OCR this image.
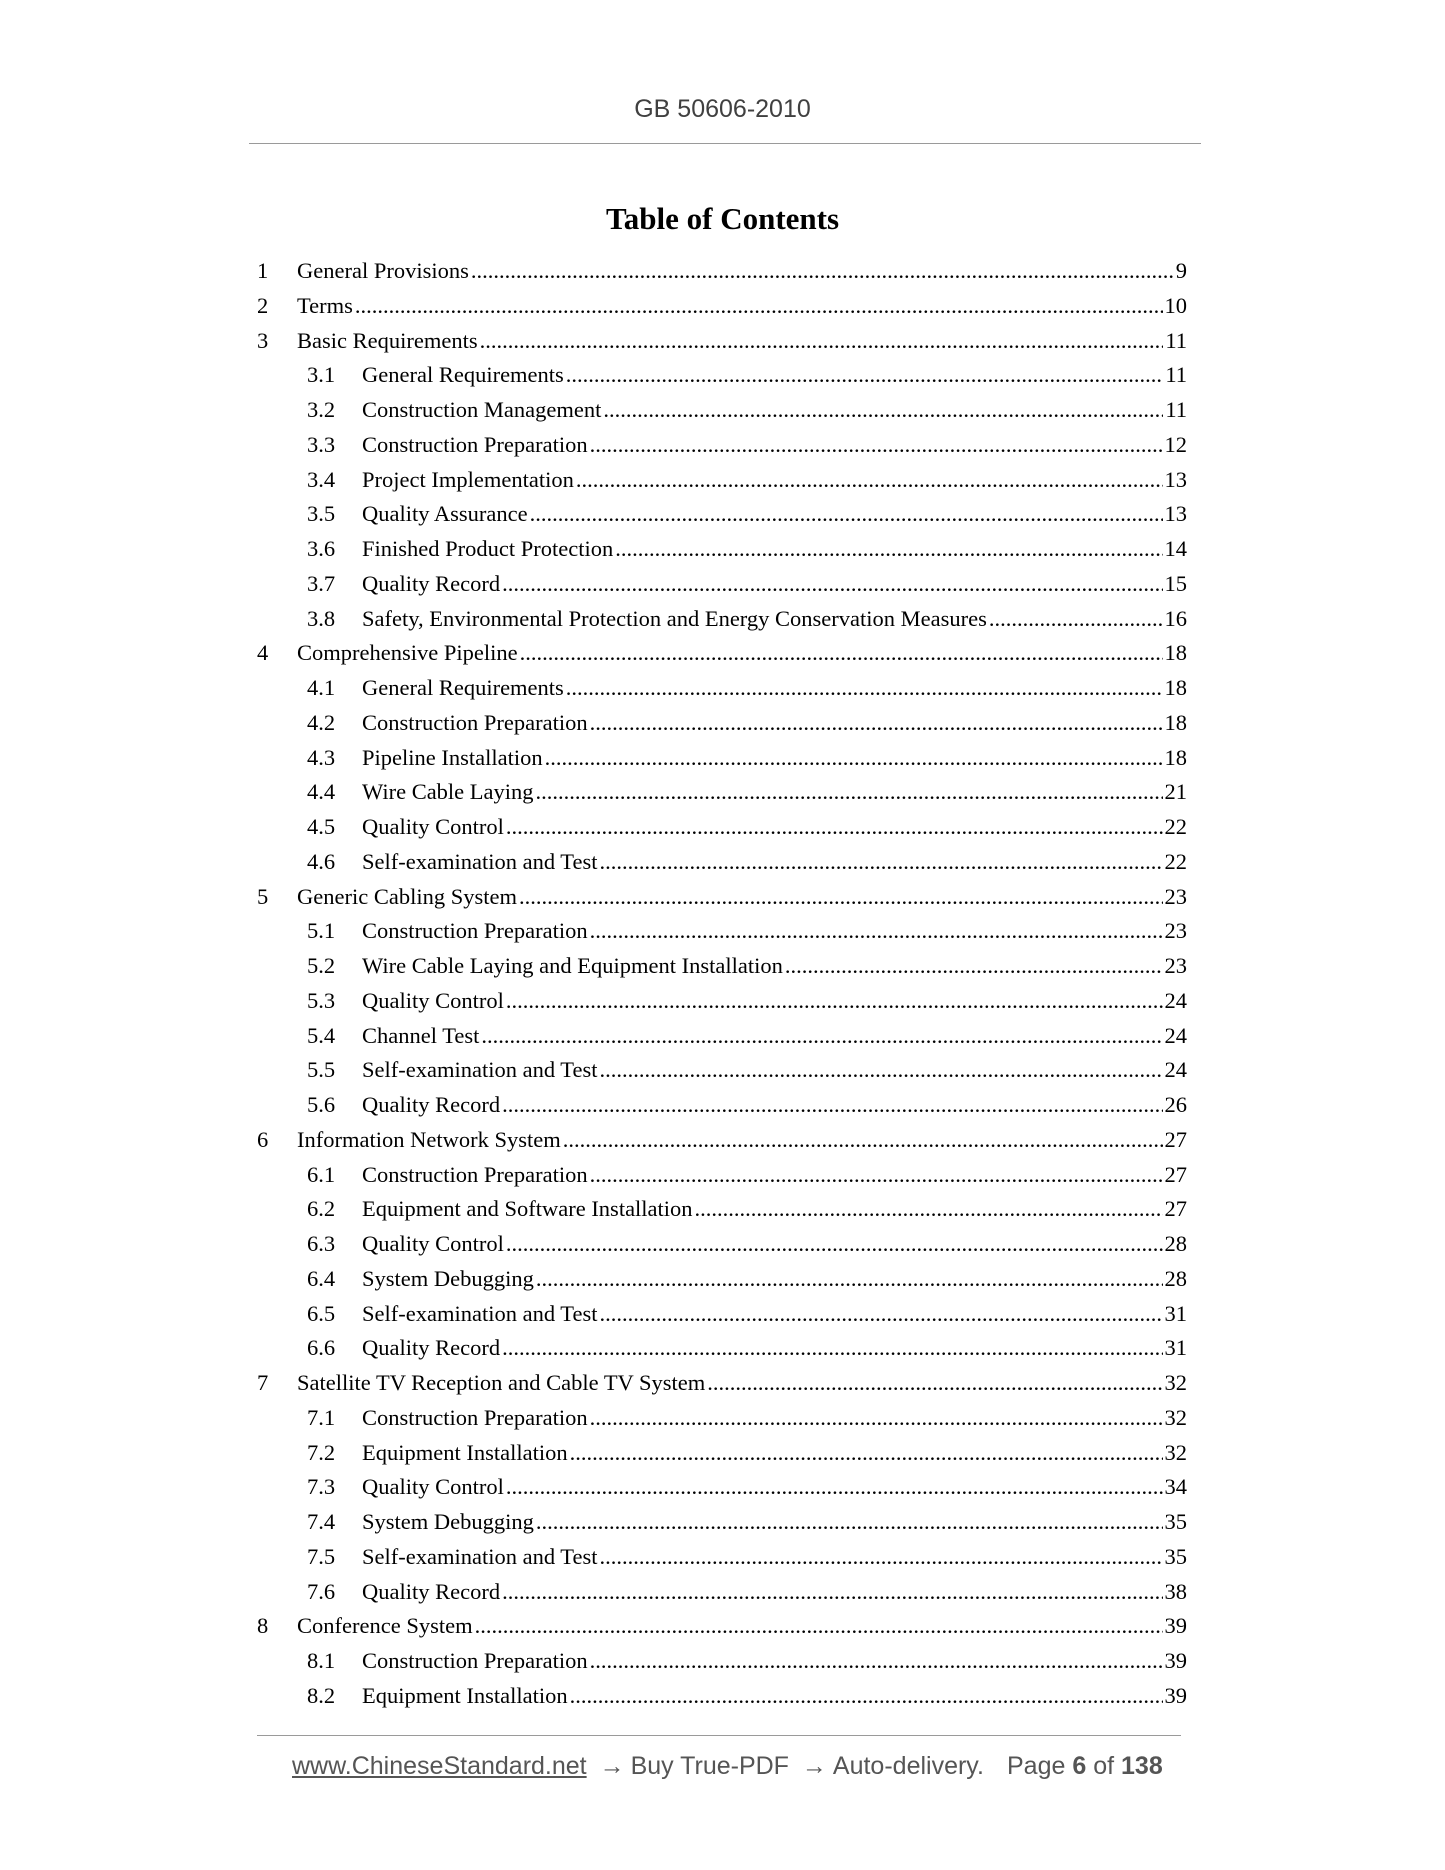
GB 50606-2010
Table of Contents
1	General Provisions .....	9
2	Terms .....	10
3	Basic Requirements .....	11
3.1	General Requirements .....	11
3.2	Construction Management .....	11
3.3	Construction Preparation .....	12
3.4	Project Implementation .....	13
3.5	Quality Assurance .....	13
3.6	Finished Product Protection .....	14
3.7	Quality Record .....	15
3.8	Safety, Environmental Protection and Energy Conservation Measures .....	16
4	Comprehensive Pipeline .....	18
4.1	General Requirements .....	18
4.2	Construction Preparation .....	18
4.3	Pipeline Installation .....	18
4.4	Wire Cable Laying .....	21
4.5	Quality Control .....	22
4.6	Self-examination and Test .....	22
5	Generic Cabling System .....	23
5.1	Construction Preparation .....	23
5.2	Wire Cable Laying and Equipment Installation .....	23
5.3	Quality Control .....	24
5.4	Channel Test .....	24
5.5	Self-examination and Test .....	24
5.6	Quality Record .....	26
6	Information Network System .....	27
6.1	Construction Preparation .....	27
6.2	Equipment and Software Installation .....	27
6.3	Quality Control .....	28
6.4	System Debugging .....	28
6.5	Self-examination and Test .....	31
6.6	Quality Record .....	31
7	Satellite TV Reception and Cable TV System .....	32
7.1	Construction Preparation .....	32
7.2	Equipment Installation .....	32
7.3	Quality Control .....	34
7.4	System Debugging .....	35
7.5	Self-examination and Test .....	35
7.6	Quality Record .....	38
8	Conference System .....	39
8.1	Construction Preparation .....	39
8.2	Equipment Installation .....	39
www.ChineseStandard.net → Buy True-PDF → Auto-delivery. Page 6 of 138
